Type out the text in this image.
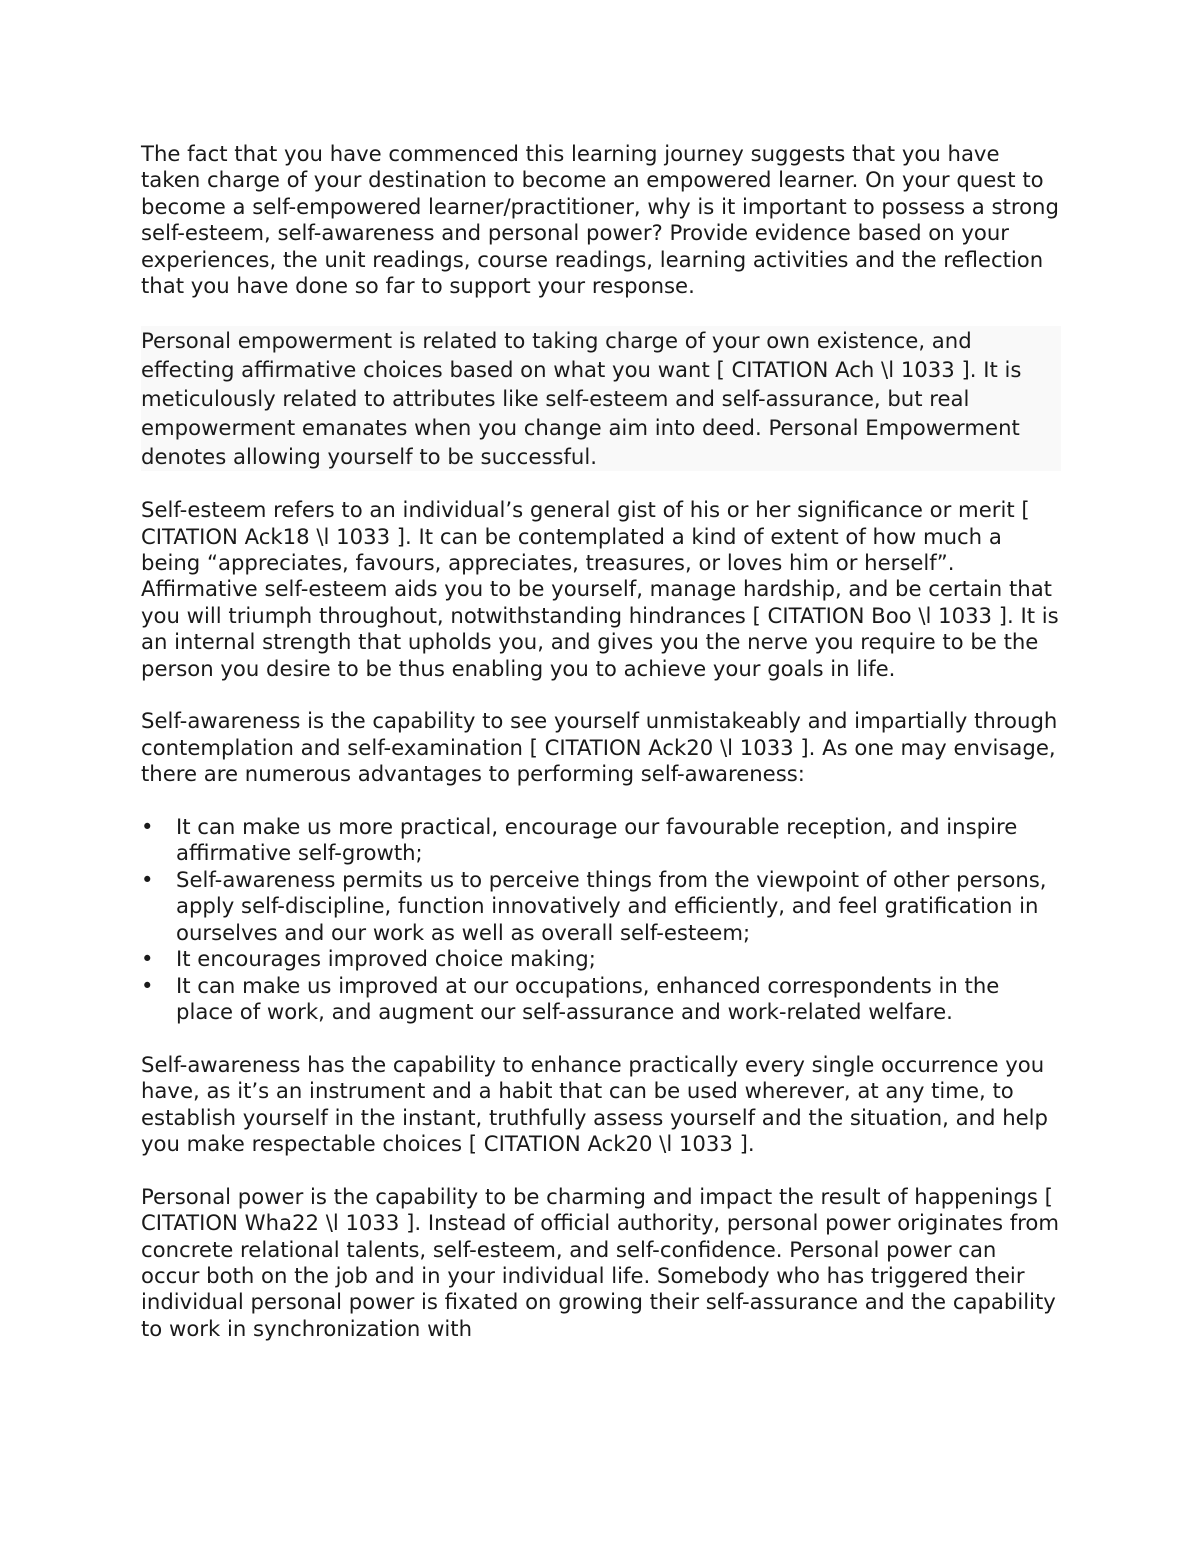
The fact that you have commenced this learning journey suggests that you have taken charge of your destination to become an empowered learner. On your quest to become a self-empowered learner/practitioner, why is it important to possess a strong self-esteem, self-awareness and personal power? Provide evidence based on your experiences, the unit readings, course readings, learning activities and the reflection that you have done so far to support your response.

Personal empowerment is related to taking charge of your own existence, and effecting affirmative choices based on what you want [ CITATION Ach \l 1033 ]. It is meticulously related to attributes like self-esteem and self-assurance, but real empowerment emanates when you change aim into deed. Personal Empowerment denotes allowing yourself to be successful.

Self-esteem refers to an individual’s general gist of his or her significance or merit [ CITATION Ack18 \l 1033 ]. It can be contemplated a kind of extent of how much a being “appreciates, favours, appreciates, treasures, or loves him or herself”. Affirmative self-esteem aids you to be yourself, manage hardship, and be certain that you will triumph throughout, notwithstanding hindrances [ CITATION Boo \l 1033 ]. It is an internal strength that upholds you, and gives you the nerve you require to be the person you desire to be thus enabling you to achieve your goals in life.

Self-awareness is the capability to see yourself unmistakeably and impartially through contemplation and self-examination [ CITATION Ack20 \l 1033 ]. As one may envisage, there are numerous advantages to performing self-awareness:

•	It can make us more practical, encourage our favourable reception, and inspire affirmative self-growth;
•	Self-awareness permits us to perceive things from the viewpoint of other persons, apply self-discipline, function innovatively and efficiently, and feel gratification in ourselves and our work as well as overall self-esteem;
•	It encourages improved choice making;
•	It can make us improved at our occupations, enhanced correspondents in the place of work, and augment our self-assurance and work-related welfare.

Self-awareness has the capability to enhance practically every single occurrence you have, as it’s an instrument and a habit that can be used wherever, at any time, to establish yourself in the instant, truthfully assess yourself and the situation, and help you make respectable choices [ CITATION Ack20 \l 1033 ].

Personal power is the capability to be charming and impact the result of happenings [ CITATION Wha22 \l 1033 ]. Instead of official authority, personal power originates from concrete relational talents, self-esteem, and self-confidence. Personal power can occur both on the job and in your individual life. Somebody who has triggered their individual personal power is fixated on growing their self-assurance and the capability to work in synchronization with
